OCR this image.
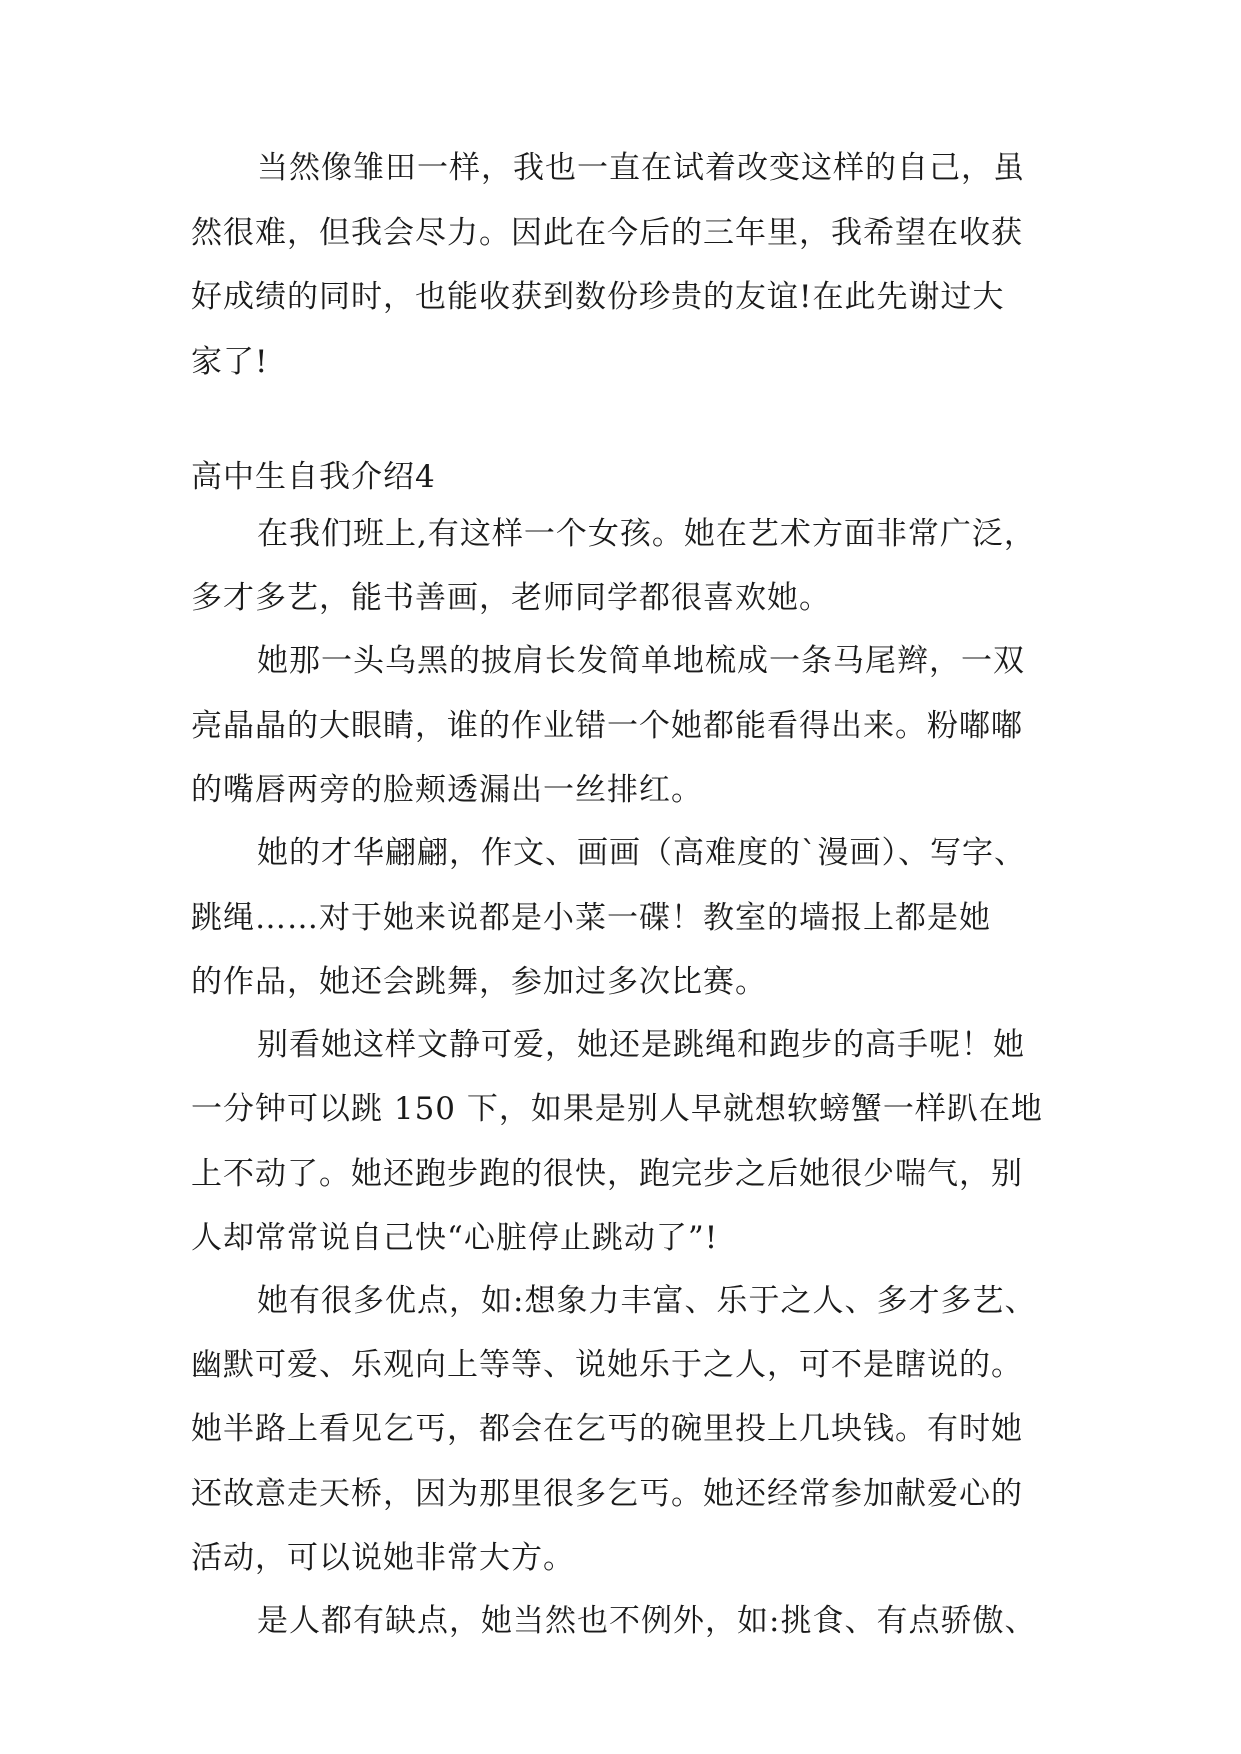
当然像雏田一样，我也一直在试着改变这样的自己，虽
然很难，但我会尽力。因此在今后的三年里，我希望在收获
好成绩的同时，也能收获到数份珍贵的友谊!在此先谢过大
家了!
高中生自我介绍4
在我们班上,有这样一个女孩。她在艺术方面非常广泛，
多才多艺，能书善画，老师同学都很喜欢她。
她那一头乌黑的披肩长发简单地梳成一条马尾辫，一双
亮晶晶的大眼睛，谁的作业错一个她都能看得出来。粉嘟嘟
的嘴唇两旁的脸颊透漏出一丝排红。
她的才华翩翩，作文、画画（高难度的`漫画）、写字、
跳绳……对于她来说都是小菜一碟！教室的墙报上都是她
的作品，她还会跳舞，参加过多次比赛。
别看她这样文静可爱，她还是跳绳和跑步的高手呢！她
一分钟可以跳 150 下，如果是别人早就想软螃蟹一样趴在地
上不动了。她还跑步跑的很快，跑完步之后她很少喘气，别
人却常常说自己快“心脏停止跳动了”!
她有很多优点，如:想象力丰富、乐于之人、多才多艺、
幽默可爱、乐观向上等等、说她乐于之人，可不是瞎说的。
她半路上看见乞丐，都会在乞丐的碗里投上几块钱。有时她
还故意走天桥，因为那里很多乞丐。她还经常参加献爱心的
活动，可以说她非常大方。
是人都有缺点，她当然也不例外，如:挑食、有点骄傲、
